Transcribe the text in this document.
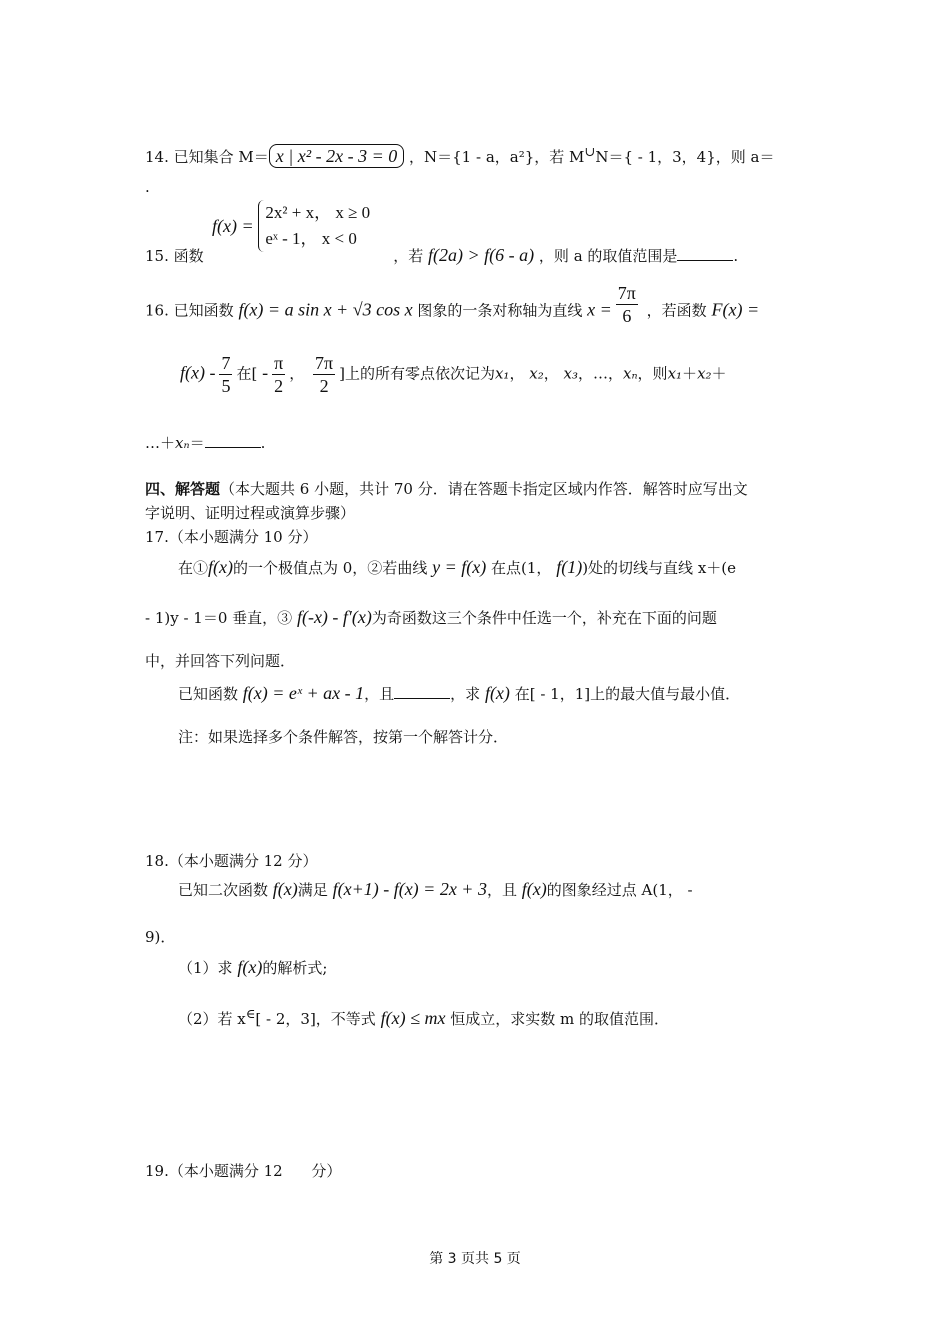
14. 已知集合 M＝ x | x² - 2x - 3 = 0 ，N＝{1 - a，a²}，若 M∪N＝{ - 1，3，4}，则 a＝
.
f(x) =
2x² + x， x ≥ 0
eˣ - 1， x < 0
15. 函数	，若 f(2a) > f(6 - a) ，则 a 的取值范围是	.
16. 已知函数 f(x) = a sin x + √3 cos x 图象的一条对称轴为直线 $x = \frac{7\pi}{6}$ ，若函数 F(x) =
$f(x) - \frac{7}{5}$ 在[ - $\frac{\pi}{2}$ ， $\frac{7\pi}{2}$ ]上的所有零点依次记为x₁， x₂， x₃，…，xₙ，则x₁＋x₂＋
…＋xₙ＝	.
四、解答题（本大题共 6 小题，共计 70 分．请在答题卡指定区域内作答．解答时应写出文
字说明、证明过程或演算步骤）
17.（本小题满分 10 分）
在①f(x)的一个极值点为 0，②若曲线 y = f(x) 在点(1， f(1))处的切线与直线 x＋(e
- 1)y - 1＝0 垂直，③ f(-x) - f′(x)为奇函数这三个条件中任选一个，补充在下面的问题
中，并回答下列问题．
已知函数 f(x) = eˣ + ax - 1，且	，求 f(x) 在[ - 1，1]上的最大值与最小值．
注：如果选择多个条件解答，按第一个解答计分．
18.（本小题满分 12 分）
已知二次函数 f(x)满足 f(x+1) - f(x) = 2x + 3，且 f(x)的图象经过点 A(1， -
9)．
（1）求 f(x)的解析式;
（2）若 x∈[ - 2，3]，不等式 f(x) ≤ mx 恒成立，求实数 m 的取值范围．
19.（本小题满分 12      分）
第 3 页共 5 页
